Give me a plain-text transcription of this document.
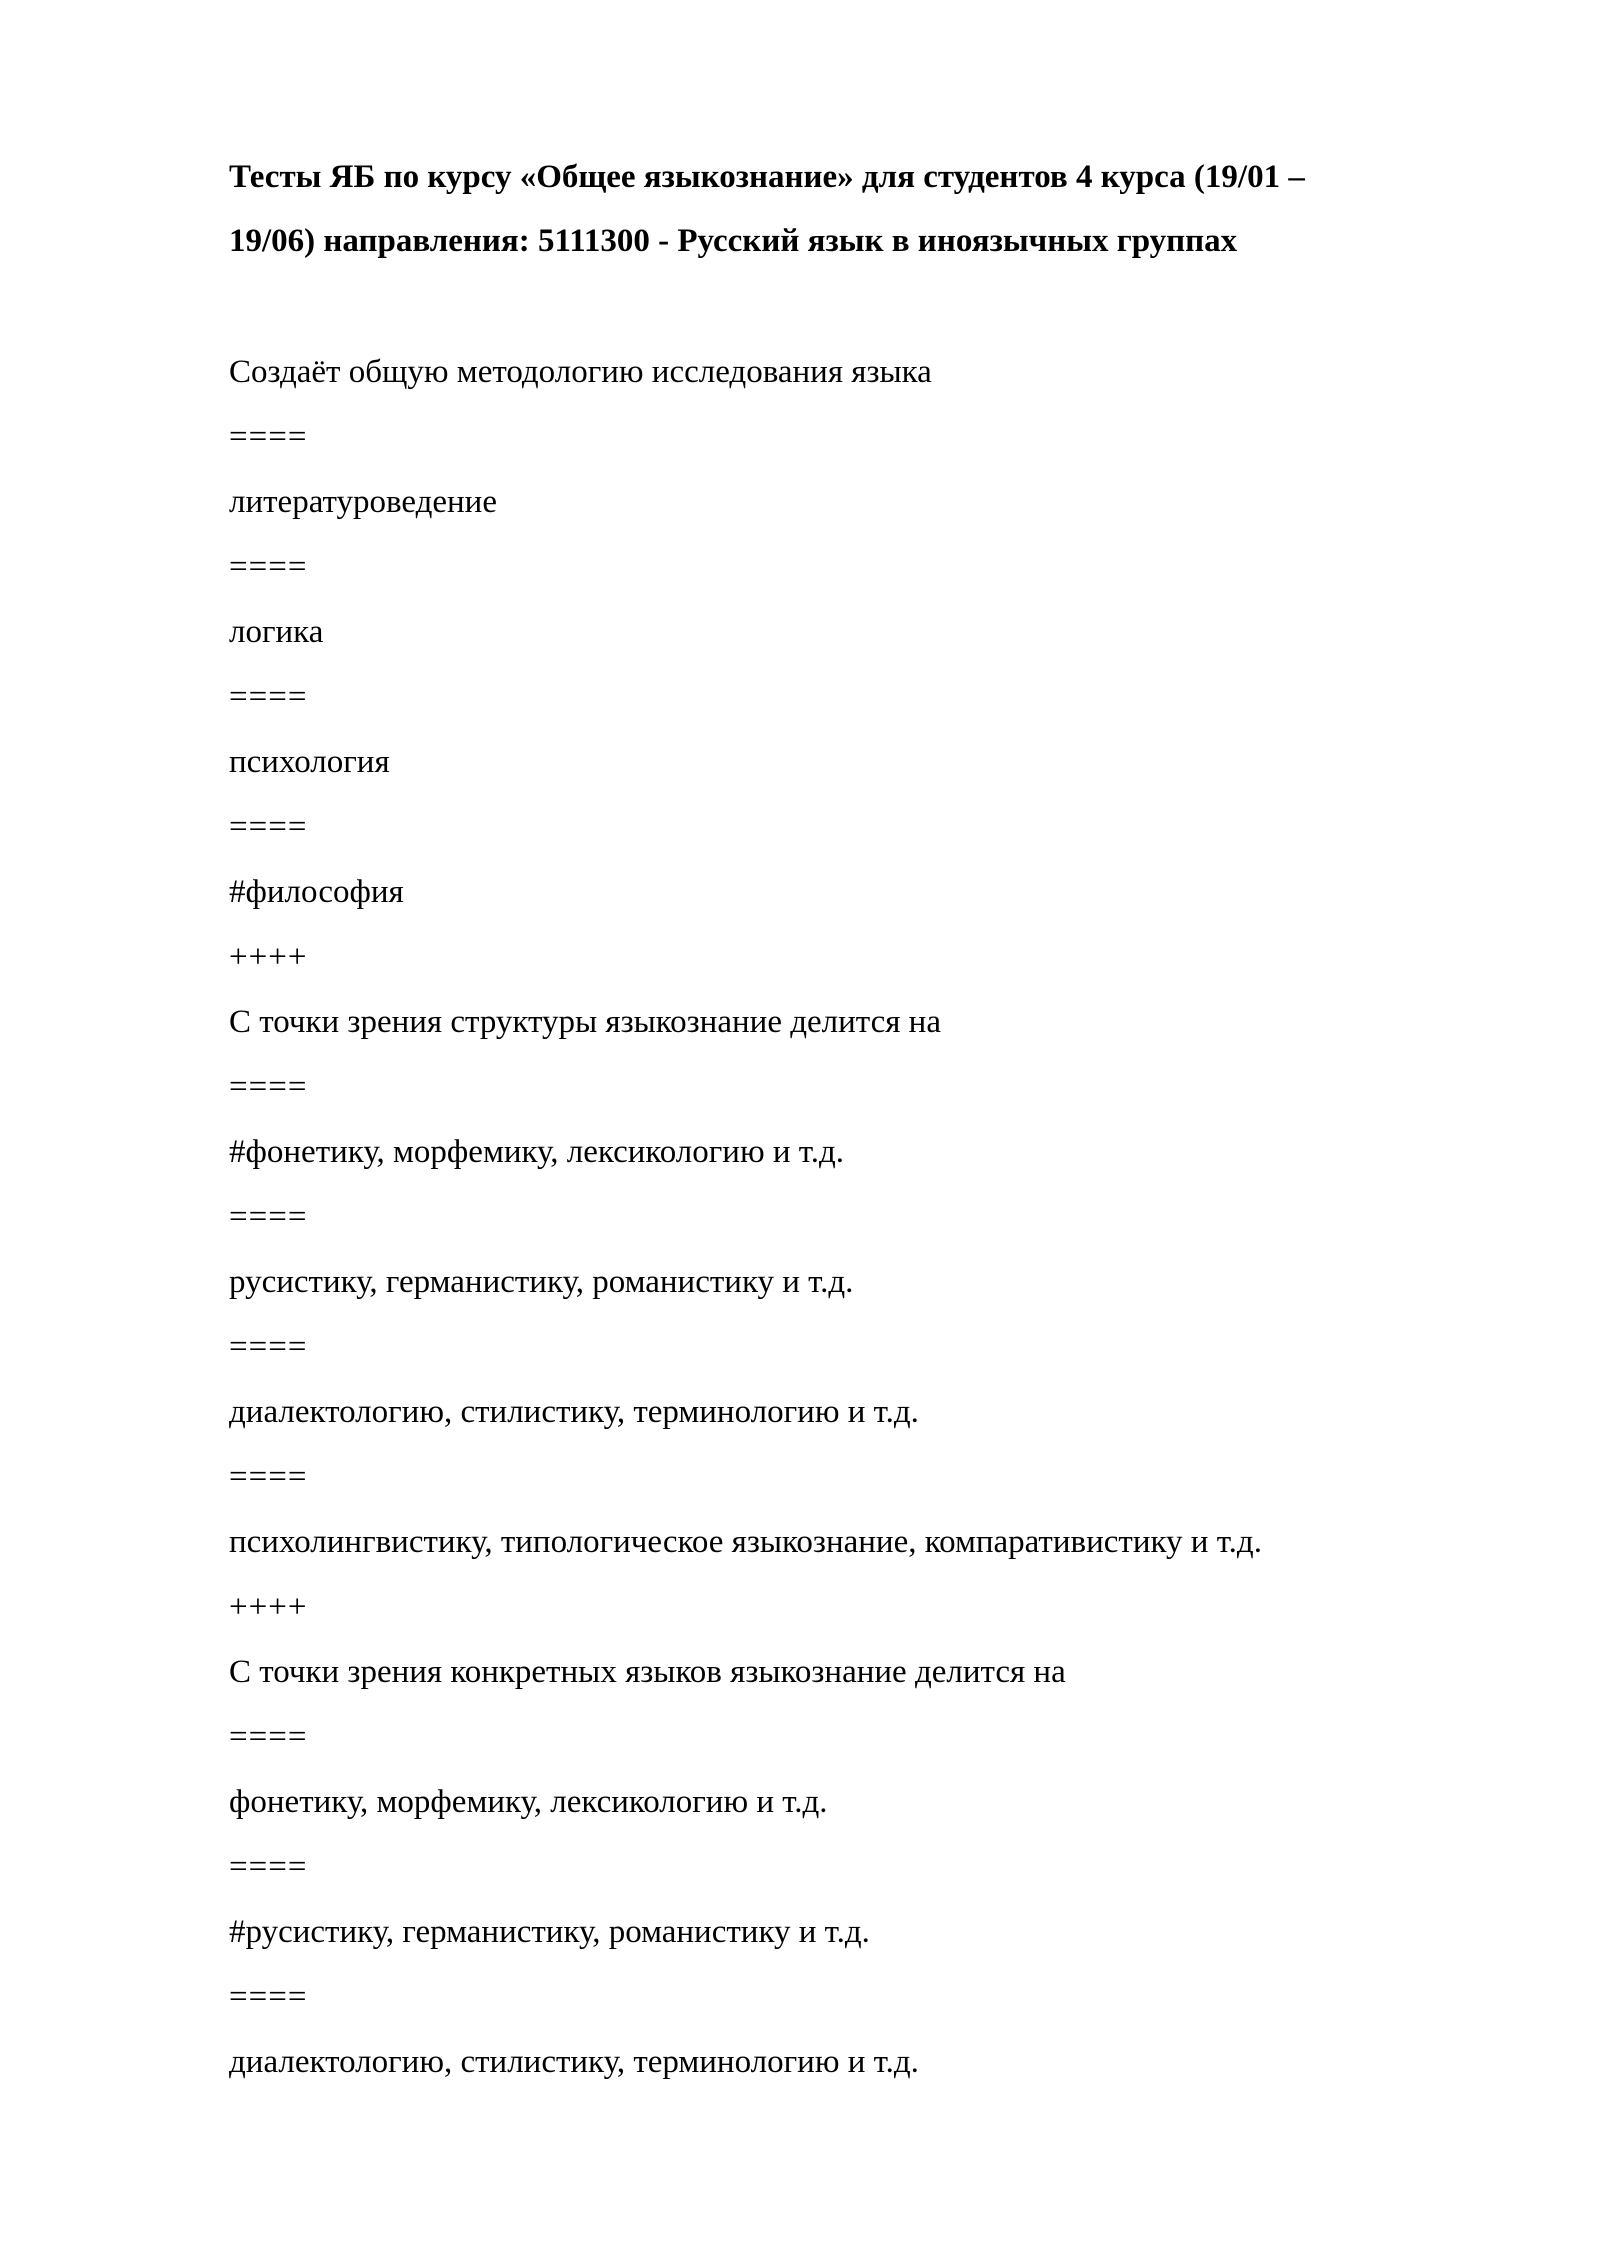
Тесты ЯБ по курсу «Общее языкознание» для студентов 4 курса (19/01 –
19/06) направления: 5111300 - Русский язык в иноязычных группах
Создаёт общую методологию исследования языка
====
литературоведение
====
логика
====
психология
====
#философия
++++
С точки зрения структуры языкознание делится на
====
#фонетику, морфемику, лексикологию и т.д.
====
русистику, германистику, романистику и т.д.
====
диалектологию, стилистику, терминологию и т.д.
====
психолингвистику, типологическое языкознание, компаративистику и т.д.
++++
С точки зрения конкретных языков языкознание делится на
====
фонетику, морфемику, лексикологию и т.д.
====
#русистику, германистику, романистику и т.д.
====
диалектологию, стилистику, терминологию и т.д.
